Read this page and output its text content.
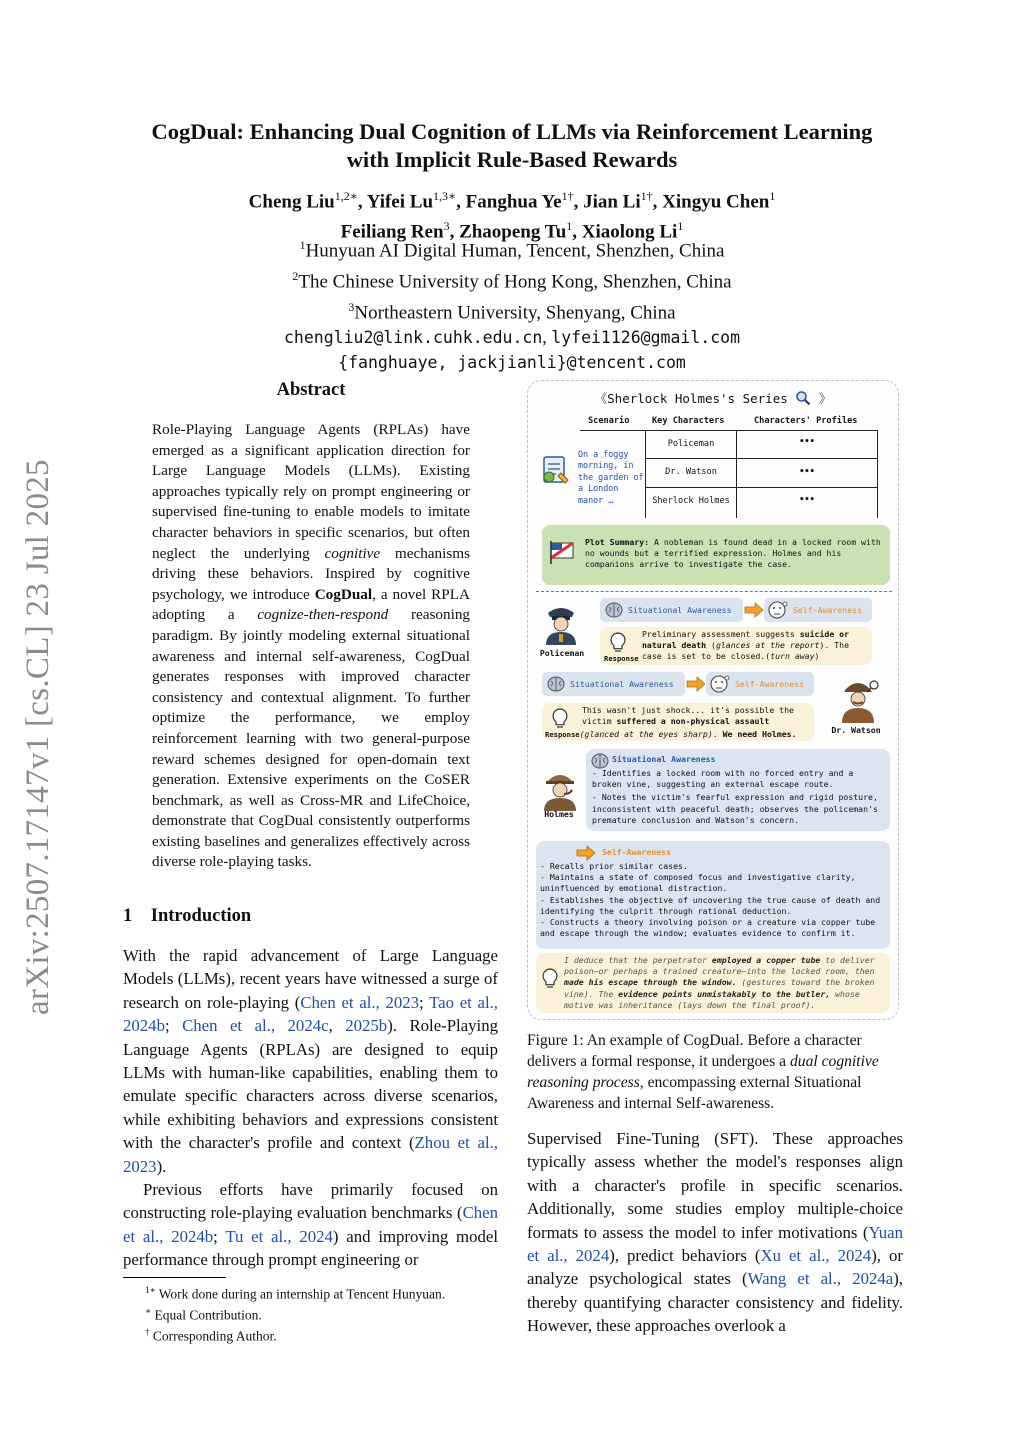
arXiv:2507.17147v1 [cs.CL] 23 Jul 2025
CogDual: Enhancing Dual Cognition of LLMs via Reinforcement Learning
with Implicit Rule-Based Rewards
Cheng Liu$^{1,2∗}$, Yifei $Lu^{1,3∗}$, Fanghua $Ye^{1\dagger}$, Jian $Li^{1\dagger}$, Xingyu Chen$^1$
Feiliang Ren$^3$, Zhaopeng Tu$^1$, Xiaolong Li$^1$
$^1$Hunyuan AI Digital Human, Tencent, Shenzhen, China
$^2$The Chinese University of Hong Kong, Shenzhen, China
$^3$Northeastern University, Shenyang, China
chengliu2@link.cuhk.edu.cn, lyfei1126@gmail.com
{fanghuaye, jackjianli}@tencent.com
Abstract
Role-Playing Language Agents (RPLAs) have emerged as a significant application direction for Large Language Models (LLMs). Existing approaches typically rely on prompt engineering or supervised fine-tuning to enable models to imitate character behaviors in specific scenarios, but often neglect the underlying cognitive mechanisms driving these behaviors. Inspired by cognitive psychology, we introduce CogDual, a novel RPLA adopting a cognize-then-respond reasoning paradigm. By jointly modeling external situational awareness and internal self-awareness, CogDual generates responses with improved character consistency and contextual alignment. To further optimize the performance, we employ reinforcement learning with two general-purpose reward schemes designed for open-domain text generation. Extensive experiments on the CoSER benchmark, as well as Cross-MR and LifeChoice, demonstrate that CogDual consistently outperforms existing baselines and generalizes effectively across diverse role-playing tasks.
1 Introduction

With the rapid advancement of Large Language Models (LLMs), recent years have witnessed a surge of research on role-playing (Chen et al., 2023; Tao et al., 2024b; Chen et al., 2024c, 2025b). Role-Playing Language Agents (RPLAs) are designed to equip LLMs with human-like capabilities, enabling them to emulate specific characters across diverse scenarios, while exhibiting behaviors and expressions consistent with the character's profile and context (Zhou et al., 2023).

Previous efforts have primarily focused on constructing role-playing evaluation benchmarks (Chen et al., 2024b; Tu et al., 2024) and improving model performance through prompt engineering or

$^{1∗}$ Work done during an internship at Tencent Hunyuan.
∗ Equal Contribution.
† Corresponding Author.
《Sherlock Holmes's Series 》
Scenario	Key Characters	Characters' Profiles
On a foggy morning, in the garden of a London manor …
Policeman	•••
Dr. Watson	•••
Sherlock Holmes	•••
Plot Summary: A nobleman is found dead in a locked room with no wounds but a terrified expression. Holmes and his companions arrive to investigate the case.
Policeman
Situational Awareness	Self-Awareness
Response
Preliminary assessment suggests suicide or natural death (glances at the report). The case is set to be closed.(turn away)
Situational Awareness	Self-Awareness
Dr. Watson
This wasn't just shock... it's possible the victim suffered a non-physical assault
Response(glanced at the eyes sharp). We need Holmes.
Holmes
Situational Awareness
- Identifies a locked room with no forced entry and a broken vine, suggesting an external escape route.
- Notes the victim's fearful expression and rigid posture, inconsistent with peaceful death; observes the policeman's premature conclusion and Watson's concern.
Self-Awareness
- Recalls prior similar cases.
- Maintains a state of composed focus and investigative clarity, uninfluenced by emotional distraction.
- Establishes the objective of uncovering the true cause of death and identifying the culprit through rational deduction.
- Constructs a theory involving poison or a creature via copper tube and escape through the window; evaluates evidence to confirm it.
I deduce that the perpetrator employed a copper tube to deliver poison—or perhaps a trained creature—into the locked room, then made his escape through the window. (gestures toward the broken vine). The evidence points unmistakably to the butler, whose motive was inheritance (lays down the final proof).
Figure 1: An example of CogDual. Before a character delivers a formal response, it undergoes a dual cognitive reasoning process, encompassing external Situational Awareness and internal Self-awareness.
Supervised Fine-Tuning (SFT). These approaches typically assess whether the model's responses align with a character's profile in specific scenarios. Additionally, some studies employ multiple-choice formats to assess the model to infer motivations (Yuan et al., 2024), predict behaviors (Xu et al., 2024), or analyze psychological states (Wang et al., 2024a), thereby quantifying character consistency and fidelity. However, these approaches overlook a
